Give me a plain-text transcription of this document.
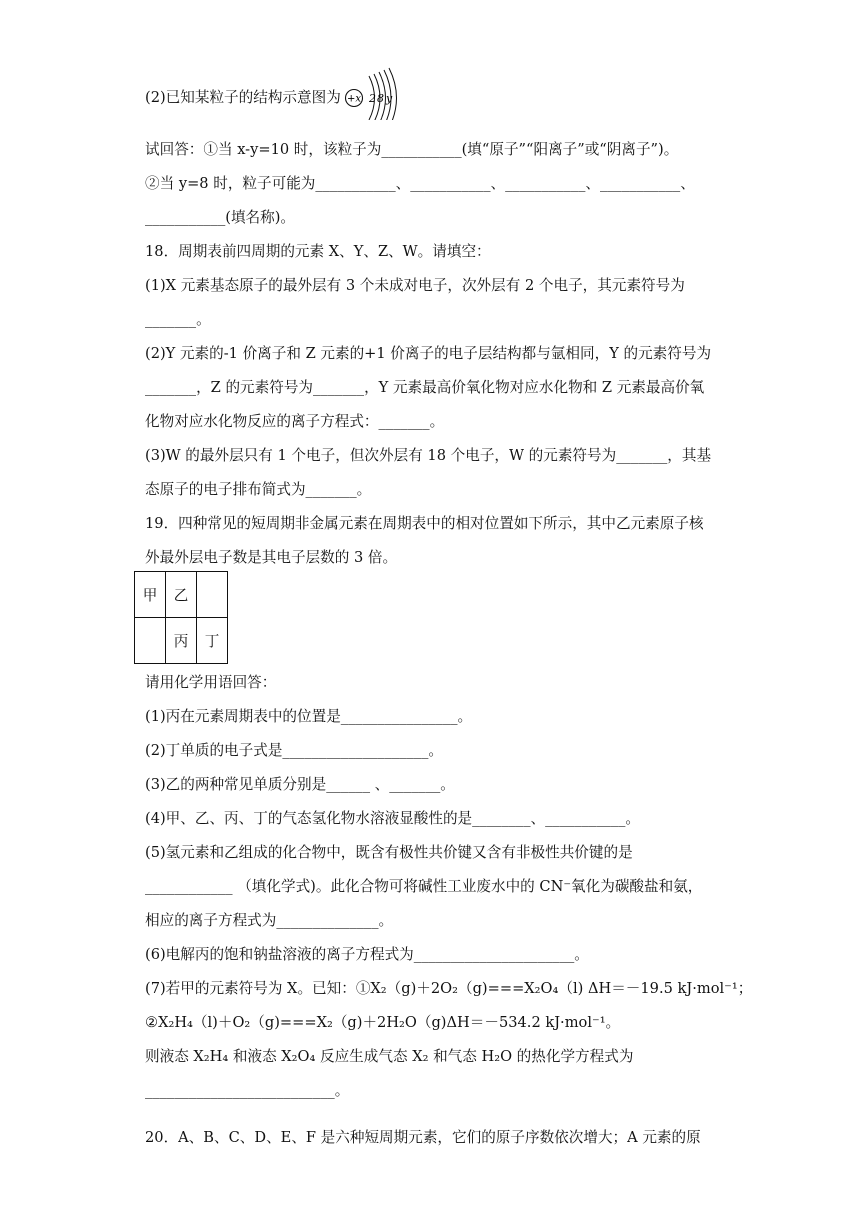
(2)已知某粒子的结构示意图为 +x 2 8 y
试回答：①当 x-y=10 时，该粒子为___________(填“原子”“阳离子”或“阴离子”)。
②当 y=8 时，粒子可能为___________、___________、___________、___________、
___________(填名称)。
18．周期表前四周期的元素 X、Y、Z、W。请填空：
(1)X 元素基态原子的最外层有 3 个未成对电子，次外层有 2 个电子，其元素符号为
_______。
(2)Y 元素的-1 价离子和 Z 元素的+1 价离子的电子层结构都与氩相同，Y 的元素符号为
_______，Z 的元素符号为_______，Y 元素最高价氧化物对应水化物和 Z 元素最高价氧
化物对应水化物反应的离子方程式：_______。
(3)W 的最外层只有 1 个电子，但次外层有 18 个电子，W 的元素符号为_______，其基
态原子的电子排布简式为_______。
19．四种常见的短周期非金属元素在周期表中的相对位置如下所示，其中乙元素原子核
外最外层电子数是其电子层数的 3 倍。
甲	乙	
	丙	丁
请用化学用语回答：
(1)丙在元素周期表中的位置是________________。
(2)丁单质的电子式是____________________。
(3)乙的两种常见单质分别是______ 、_______。
(4)甲、乙、丙、丁的气态氢化物水溶液显酸性的是________、___________。
(5)氢元素和乙组成的化合物中，既含有极性共价键又含有非极性共价键的是
____________ （填化学式)。此化合物可将碱性工业废水中的 CN⁻氧化为碳酸盐和氨，
相应的离子方程式为______________。
(6)电解丙的饱和钠盐溶液的离子方程式为______________________。
(7)若甲的元素符号为 X。已知：①X₂（g)＋2O₂（g)===X₂O₄（l) ΔH＝－19.5 kJ·mol⁻¹；
②X₂H₄（l)＋O₂（g)===X₂（g)＋2H₂O（g)ΔH＝－534.2 kJ·mol⁻¹。
则液态 X₂H₄ 和液态 X₂O₄ 反应生成气态 X₂ 和气态 H₂O 的热化学方程式为
__________________________。
20．A、B、C、D、E、F 是六种短周期元素，它们的原子序数依次增大；A 元素的原
